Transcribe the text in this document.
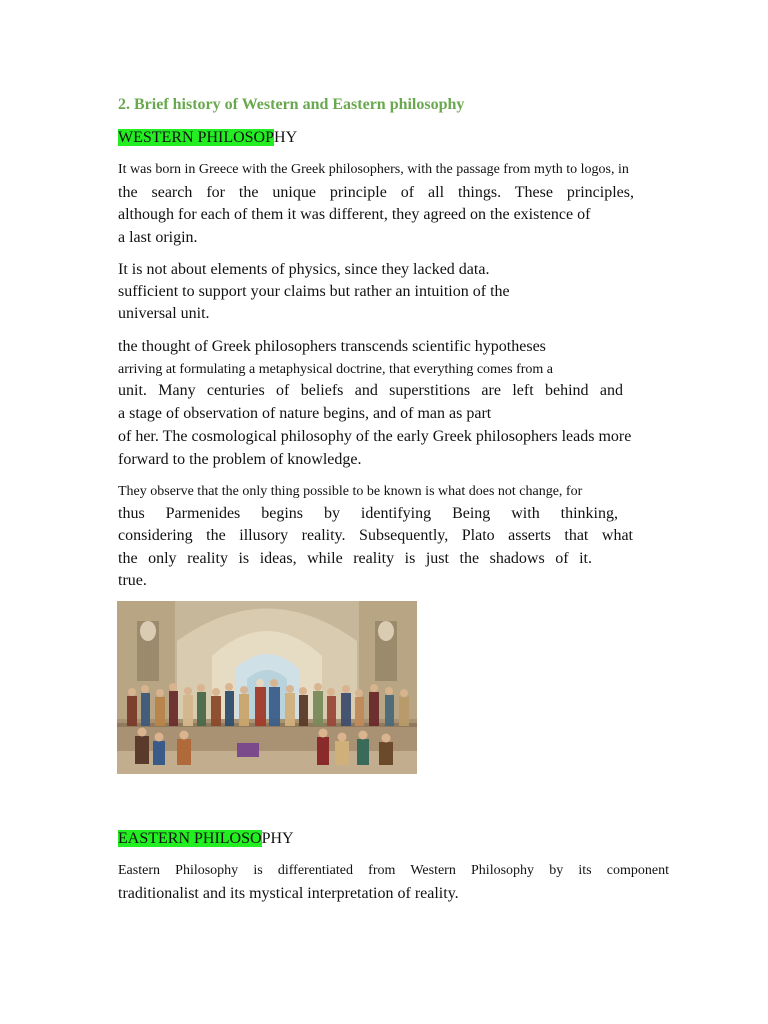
2. Brief history of Western and Eastern philosophy
WESTERN PHILOSOPHY
It was born in Greece with the Greek philosophers, with the passage from myth to logos, in
the search for the unique principle of all things. These principles,
although for each of them it was different, they agreed on the existence of
a last origin.
It is not about elements of physics, since they lacked data.
sufficient to support your claims but rather an intuition of the
universal unit.
the thought of Greek philosophers transcends scientific hypotheses
arriving at formulating a metaphysical doctrine, that everything comes from a
unit. Many centuries of beliefs and superstitions are left behind and
a stage of observation of nature begins, and of man as part
of her. The cosmological philosophy of the early Greek philosophers leads more
forward to the problem of knowledge.
They observe that the only thing possible to be known is what does not change, for
thus Parmenides begins by identifying Being with thinking,
considering the illusory reality. Subsequently, Plato asserts that what
the only reality is ideas, while reality is just the shadows of it.
true.
EASTERN PHILOSOPHY
Eastern Philosophy is differentiated from Western Philosophy by its component
traditionalist and its mystical interpretation of reality.
